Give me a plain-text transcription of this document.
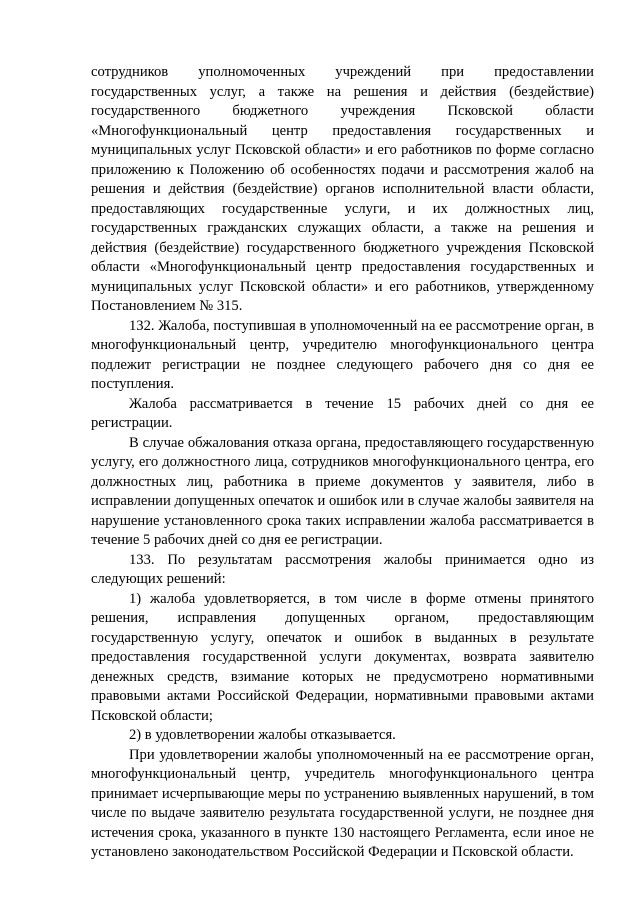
сотрудников уполномоченных учреждений при предоставлении государственных услуг, а также на решения и действия (бездействие) государственного бюджетного учреждения Псковской области «Многофункциональный центр предоставления государственных и муниципальных услуг Псковской области» и его работников по форме согласно приложению к Положению об особенностях подачи и рассмотрения жалоб на решения и действия (бездействие) органов исполнительной власти области, предоставляющих государственные услуги, и их должностных лиц, государственных гражданских служащих области, а также на решения и действия (бездействие) государственного бюджетного учреждения Псковской области «Многофункциональный центр предоставления государственных и муниципальных услуг Псковской области» и его работников, утвержденному Постановлением № 315.

132. Жалоба, поступившая в уполномоченный на ее рассмотрение орган, в многофункциональный центр, учредителю многофункционального центра подлежит регистрации не позднее следующего рабочего дня со дня ее поступления.

Жалоба рассматривается в течение 15 рабочих дней со дня ее регистрации.

В случае обжалования отказа органа, предоставляющего государственную услугу, его должностного лица, сотрудников многофункционального центра, его должностных лиц, работника в приеме документов у заявителя, либо в исправлении допущенных опечаток и ошибок или в случае жалобы заявителя на нарушение установленного срока таких исправлении жалоба рассматривается в течение 5 рабочих дней со дня ее регистрации.

133. По результатам рассмотрения жалобы принимается одно из следующих решений:

1) жалоба удовлетворяется, в том числе в форме отмены принятого решения, исправления допущенных органом, предоставляющим государственную услугу, опечаток и ошибок в выданных в результате предоставления государственной услуги документах, возврата заявителю денежных средств, взимание которых не предусмотрено нормативными правовыми актами Российской Федерации, нормативными правовыми актами Псковской области;

2) в удовлетворении жалобы отказывается.

При удовлетворении жалобы уполномоченный на ее рассмотрение орган, многофункциональный центр, учредитель многофункционального центра принимает исчерпывающие меры по устранению выявленных нарушений, в том числе по выдаче заявителю результата государственной услуги, не позднее дня истечения срока, указанного в пункте 130 настоящего Регламента, если иное не установлено законодательством Российской Федерации и Псковской области.
